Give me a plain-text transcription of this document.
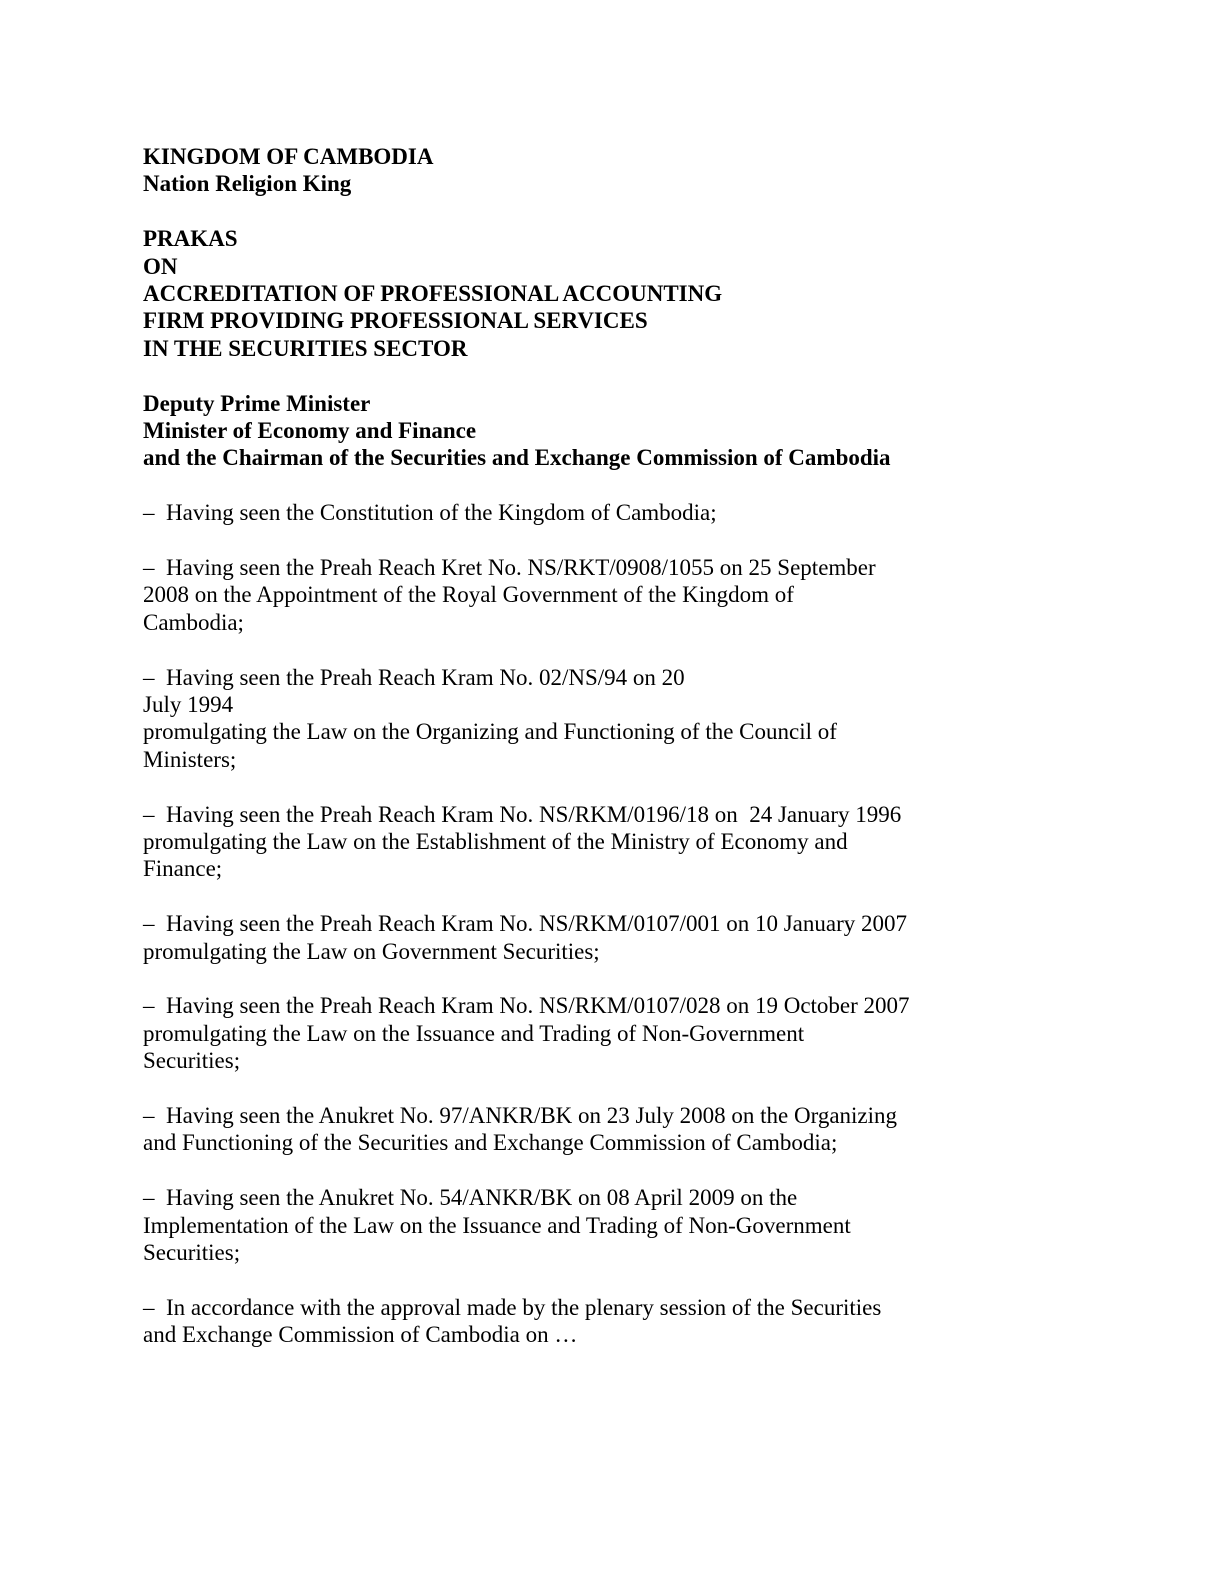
KINGDOM OF CAMBODIA
Nation Religion King
PRAKAS
ON
ACCREDITATION OF PROFESSIONAL ACCOUNTING
FIRM PROVIDING PROFESSIONAL SERVICES
IN THE SECURITIES SECTOR
Deputy Prime Minister
Minister of Economy and Finance
and the Chairman of the Securities and Exchange Commission of Cambodia
–  Having seen the Constitution of the Kingdom of Cambodia;
–  Having seen the Preah Reach Kret No. NS/RKT/0908/1055 on 25 September
2008 on the Appointment of the Royal Government of the Kingdom of
Cambodia;
–  Having seen the Preah Reach Kram No. 02/NS/94 on 20
July 1994
promulgating the Law on the Organizing and Functioning of the Council of
Ministers;
–  Having seen the Preah Reach Kram No. NS/RKM/0196/18 on  24 January 1996
promulgating the Law on the Establishment of the Ministry of Economy and
Finance;
–  Having seen the Preah Reach Kram No. NS/RKM/0107/001 on 10 January 2007
promulgating the Law on Government Securities;
–  Having seen the Preah Reach Kram No. NS/RKM/0107/028 on 19 October 2007
promulgating the Law on the Issuance and Trading of Non-Government
Securities;
–  Having seen the Anukret No. 97/ANKR/BK on 23 July 2008 on the Organizing
and Functioning of the Securities and Exchange Commission of Cambodia;
–  Having seen the Anukret No. 54/ANKR/BK on 08 April 2009 on the
Implementation of the Law on the Issuance and Trading of Non-Government
Securities;
–  In accordance with the approval made by the plenary session of the Securities
and Exchange Commission of Cambodia on …
